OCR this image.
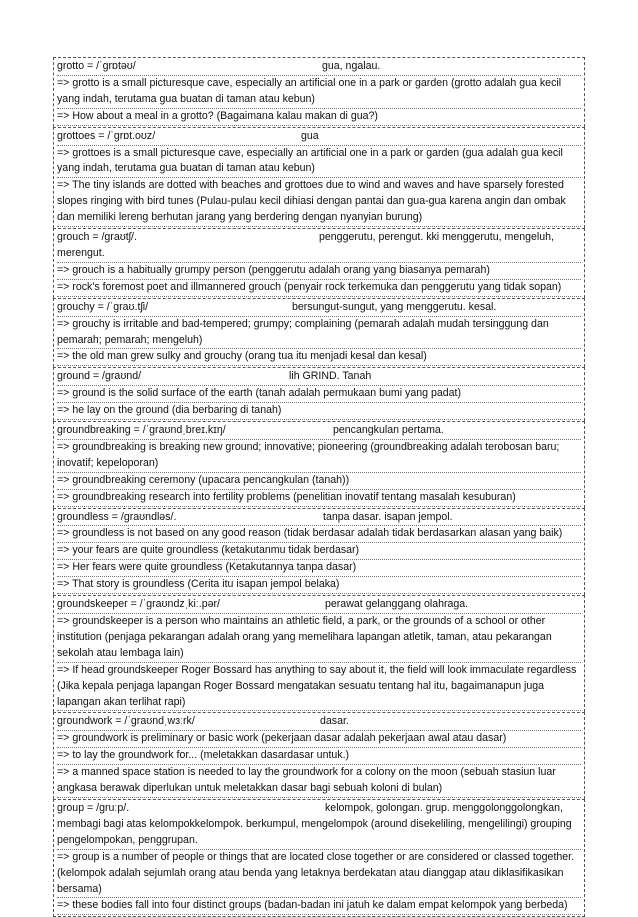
grotto = /ˈɡrɒtəʊ/	gua, ngalau.
=> grotto is a small picturesque cave, especially an artificial one in a park or garden (grotto adalah gua kecil yang indah, terutama gua buatan di taman atau kebun)
=> How about a meal in a grotto? (Bagaimana kalau makan di gua?)
grottoes = /ˈɡrɒt.oʊz/	gua
=> grottoes is a small picturesque cave, especially an artificial one in a park or garden (gua adalah gua kecil yang indah, terutama gua buatan di taman atau kebun)
=> The tiny islands are dotted with beaches and grottoes due to wind and waves and have sparsely forested slopes ringing with bird tunes (Pulau-pulau kecil dihiasi dengan pantai dan gua-gua karena angin dan ombak dan memiliki lereng berhutan jarang yang berdering dengan nyanyian burung)
grouch = /ɡraʊtʃ/.	penggerutu, perengut. kki menggerutu, mengeluh, merengut.
=> grouch is a habitually grumpy person (penggerutu adalah orang yang biasanya pemarah)
=> rock's foremost poet and illmannered grouch (penyair rock terkemuka dan penggerutu yang tidak sopan)
grouchy = /ˈɡraʊ.tʃi/	bersungut-sungut, yang menggerutu. kesal.
=> grouchy is irritable and bad-tempered; grumpy; complaining (pemarah adalah mudah tersinggung dan pemarah; pemarah; mengeluh)
=> the old man grew sulky and grouchy (orang tua itu menjadi kesal dan kesal)
ground = /ɡraʊnd/	lih GRIND. Tanah
=> ground is the solid surface of the earth (tanah adalah permukaan bumi yang padat)
=> he lay on the ground (dia berbaring di tanah)
groundbreaking = /ˈɡraʊndˌbreɪ.kɪŋ/	pencangkulan pertama.
=> groundbreaking is breaking new ground; innovative; pioneering (groundbreaking adalah terobosan baru; inovatif; kepeloporan)
=> groundbreaking ceremony (upacara pencangkulan (tanah))
=> groundbreaking research into fertility problems (penelitian inovatif tentang masalah kesuburan)
groundless = /ɡraʊndləs/.	tanpa dasar. isapan jempol.
=> groundless is not based on any good reason (tidak berdasar adalah tidak berdasarkan alasan yang baik)
=> your fears are quite groundless (ketakutanmu tidak berdasar)
=> Her fears were quite groundless (Ketakutannya tanpa dasar)
=> That story is groundless (Cerita itu isapan jempol belaka)
groundskeeper = /ˈɡraʊndzˌkiː.pər/	perawat gelanggang olahraga.
=> groundskeeper is a person who maintains an athletic field, a park, or the grounds of a school or other institution (penjaga pekarangan adalah orang yang memelihara lapangan atletik, taman, atau pekarangan sekolah atau lembaga lain)
=> If head groundskeeper Roger Bossard has anything to say about it, the field will look immaculate regardless (Jika kepala penjaga lapangan Roger Bossard mengatakan sesuatu tentang hal itu, bagaimanapun juga lapangan akan terlihat rapi)
groundwork = /ˈɡraʊndˌwɜːrk/	dasar.
=> groundwork is preliminary or basic work (pekerjaan dasar adalah pekerjaan awal atau dasar)
=> to lay the groundwork for... (meletakkan dasardasar untuk.)
=> a manned space station is needed to lay the groundwork for a colony on the moon (sebuah stasiun luar angkasa berawak diperlukan untuk meletakkan dasar bagi sebuah koloni di bulan)
group = /ɡruːp/.	kelompok, golongan. grup. menggolonggolongkan, membagi bagi atas kelompokkelompok. berkumpul, mengelompok (around disekeliling, mengelilingi) grouping pengelompokan, penggrupan.
=> group is a number of people or things that are located close together or are considered or classed together. (kelompok adalah sejumlah orang atau benda yang letaknya berdekatan atau dianggap atau diklasifikasikan bersama)
=> these bodies fall into four distinct groups (badan-badan ini jatuh ke dalam empat kelompok yang berbeda)
